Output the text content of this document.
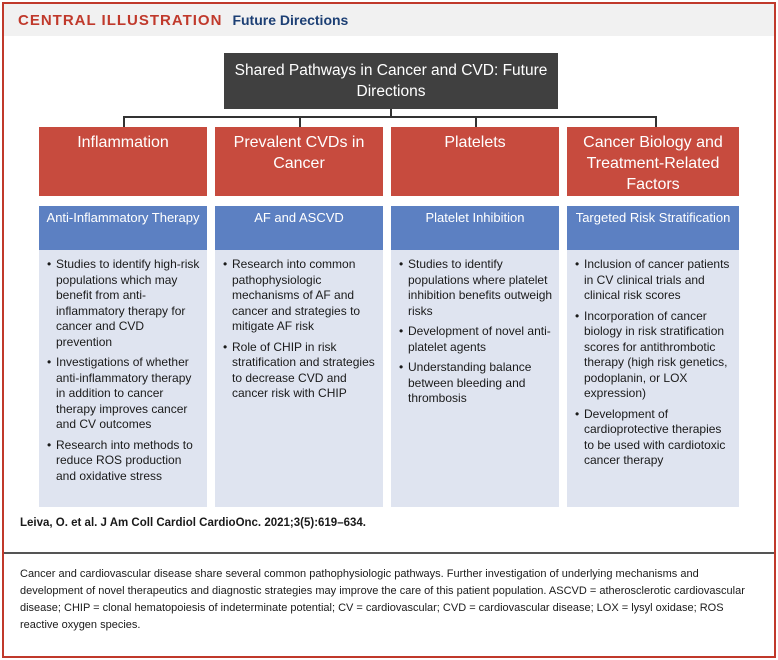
CENTRAL ILLUSTRATION Future Directions
Shared Pathways in Cancer and CVD: Future Directions
Inflammation
Anti-Inflammatory Therapy
• Studies to identify high-risk populations which may benefit from anti-inflammatory therapy for cancer and CVD prevention
• Investigations of whether anti-inflammatory therapy in addition to cancer therapy improves cancer and CV outcomes
• Research into methods to reduce ROS production and oxidative stress
Prevalent CVDs in Cancer
AF and ASCVD
• Research into common pathophysiologic mechanisms of AF and cancer and strategies to mitigate AF risk
• Role of CHIP in risk stratification and strategies to decrease CVD and cancer risk with CHIP
Platelets
Platelet Inhibition
• Studies to identify populations where platelet inhibition benefits outweigh risks
• Development of novel anti-platelet agents
• Understanding balance between bleeding and thrombosis
Cancer Biology and Treatment-Related Factors
Targeted Risk Stratification
• Inclusion of cancer patients in CV clinical trials and clinical risk scores
• Incorporation of cancer biology in risk stratification scores for antithrombotic therapy (high risk genetics, podoplanin, or LOX expression)
• Development of cardioprotective therapies to be used with cardiotoxic cancer therapy
Leiva, O. et al. J Am Coll Cardiol CardioOnc. 2021;3(5):619–634.
Cancer and cardiovascular disease share several common pathophysiologic pathways. Further investigation of underlying mechanisms and development of novel therapeutics and diagnostic strategies may improve the care of this patient population. ASCVD = atherosclerotic cardiovascular disease; CHIP = clonal hematopoiesis of indeterminate potential; CV = cardiovascular; CVD = cardiovascular disease; LOX = lysyl oxidase; ROS reactive oxygen species.
